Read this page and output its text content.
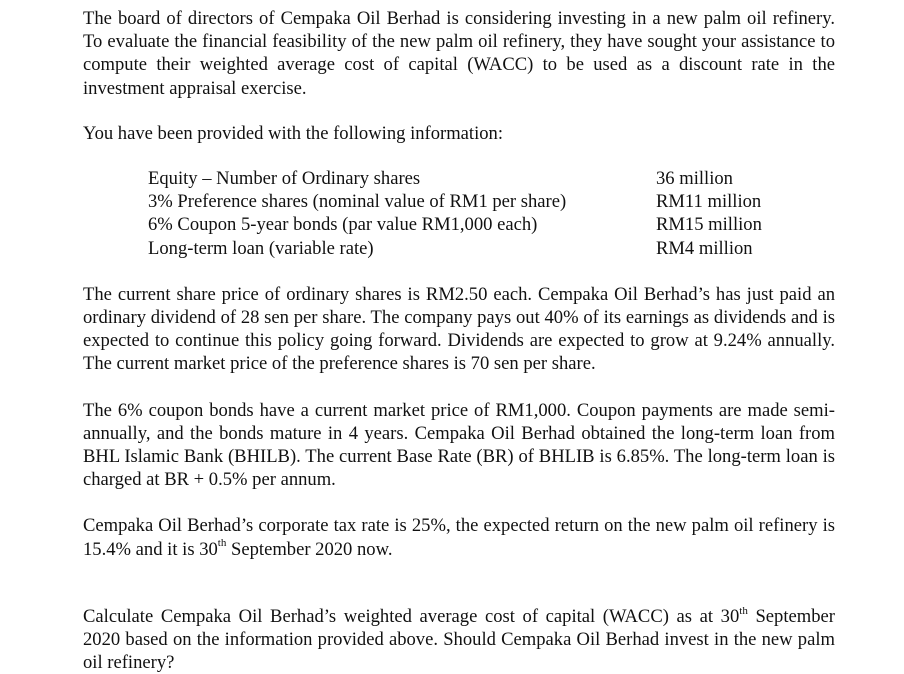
The board of directors of Cempaka Oil Berhad is considering investing in a new palm oil refinery. To evaluate the financial feasibility of the new palm oil refinery, they have sought your assistance to compute their weighted average cost of capital (WACC) to be used as a discount rate in the investment appraisal exercise.

You have been provided with the following information:

Equity – Number of Ordinary shares	36 million
3% Preference shares (nominal value of RM1 per share)	RM11 million
6% Coupon 5-year bonds (par value RM1,000 each)	RM15 million
Long-term loan (variable rate)	RM4 million

The current share price of ordinary shares is RM2.50 each. Cempaka Oil Berhad’s has just paid an ordinary dividend of 28 sen per share. The company pays out 40% of its earnings as dividends and is expected to continue this policy going forward. Dividends are expected to grow at 9.24% annually. The current market price of the preference shares is 70 sen per share.

The 6% coupon bonds have a current market price of RM1,000. Coupon payments are made semi-annually, and the bonds mature in 4 years. Cempaka Oil Berhad obtained the long-term loan from BHL Islamic Bank (BHILB). The current Base Rate (BR) of BHLIB is 6.85%. The long-term loan is charged at BR + 0.5% per annum.

Cempaka Oil Berhad’s corporate tax rate is 25%, the expected return on the new palm oil refinery is 15.4% and it is 30th September 2020 now.

Calculate Cempaka Oil Berhad’s weighted average cost of capital (WACC) as at 30th September 2020 based on the information provided above. Should Cempaka Oil Berhad invest in the new palm oil refinery?
